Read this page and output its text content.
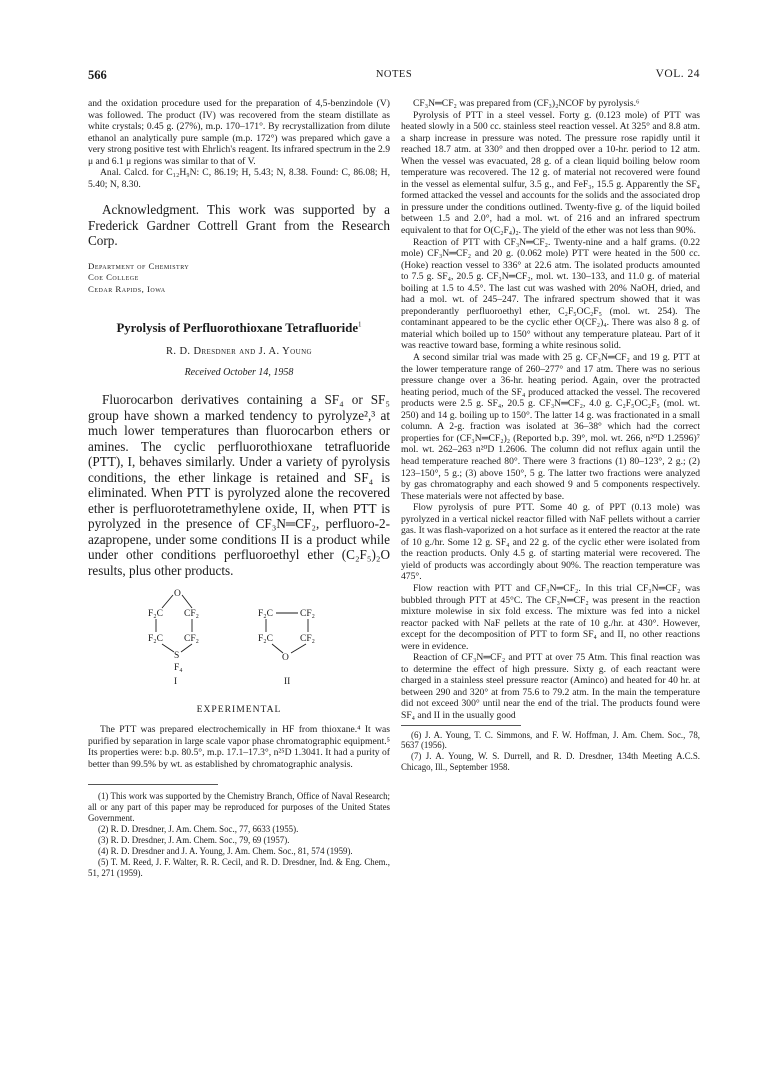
566	NOTES	VOL. 24

and the oxidation procedure used for the preparation of 4,5-benzindole (V) was followed. The product (IV) was recovered from the steam distillate as white crystals; 0.45 g. (27%), m.p. 170–171°. By recrystallization from dilute ethanol an analytically pure sample (m.p. 172°) was prepared which gave a very strong positive test with Ehrlich's reagent. Its infrared spectrum in the 2.9 μ and 6.1 μ regions was similar to that of V.

Anal. Calcd. for C₁₂H₉N: C, 86.19; H, 5.43; N, 8.38. Found: C, 86.08; H, 5.40; N, 8.30.

Acknowledgment. This work was supported by a Frederick Gardner Cottrell Grant from the Research Corp.

Department of Chemistry
Coe College
Cedar Rapids, Iowa
Pyrolysis of Perfluorothioxane Tetrafluoride$^1$
R. D. Dresdner and J. A. Young
Received October 14, 1958

Fluorocarbon derivatives containing a SF₄ or SF₅ group have shown a marked tendency to pyrolyze²,³ at much lower temperatures than fluorocarbon ethers or amines. The cyclic perfluorothioxane tetrafluoride (PTT), I, behaves similarly. Under a variety of pyrolysis conditions, the ether linkage is retained and SF₄ is eliminated. When PTT is pyrolyzed alone the recovered ether is perfluorotetramethylene oxide, II, when PTT is pyrolyzed in the presence of CF₃N═CF₂, perfluoro-2-azapropene, under some conditions II is a product while under other conditions perfluoroethyl ether (C₂F₅)₂O results, plus other products.

O
F₂C CF₂
F₂C CF₂
S
F₄
I
F₂C	CF₂
F₂C	CF₂
O
II
EXPERIMENTAL

The PTT was prepared electrochemically in HF from thioxane.⁴ It was purified by separation in large scale vapor phase chromatographic equipment.⁵ Its properties were: b.p. 80.5°, m.p. 17.1–17.3°, n²⁵D 1.3041. It had a purity of better than 99.5% by wt. as established by chromatographic analysis.

(1) This work was supported by the Chemistry Branch, Office of Naval Research; all or any part of this paper may be reproduced for purposes of the United States Government.

(2) R. D. Dresdner, J. Am. Chem. Soc., 77, 6633 (1955).

(3) R. D. Dresdner, J. Am. Chem. Soc., 79, 69 (1957).

(4) R. D. Dresdner and J. A. Young, J. Am. Chem. Soc., 81, 574 (1959).

(5) T. M. Reed, J. F. Walter, R. R. Cecil, and R. D. Dresdner, Ind. & Eng. Chem., 51, 271 (1959).

CF₃N═CF₂ was prepared from (CF₃)₂NCOF by pyrolysis.⁶

Pyrolysis of PTT in a steel vessel. Forty g. (0.123 mole) of PTT was heated slowly in a 500 cc. stainless steel reaction vessel. At 325° and 8.8 atm. a sharp increase in pressure was noted. The pressure rose rapidly until it reached 18.7 atm. at 330° and then dropped over a 10-hr. period to 12 atm. When the vessel was evacuated, 28 g. of a clean liquid boiling below room temperature was recovered. The 12 g. of material not recovered were found in the vessel as elemental sulfur, 3.5 g., and FeF₃, 15.5 g. Apparently the SF₄ formed attacked the vessel and accounts for the solids and the associated drop in pressure under the conditions outlined. Twenty-five g. of the liquid boiled between 1.5 and 2.0°, had a mol. wt. of 216 and an infrared spectrum equivalent to that for O(C₂F₄)₂. The yield of the ether was not less than 90%.

Reaction of PTT with CF₃N═CF₂. Twenty-nine and a half grams. (0.22 mole) CF₃N═CF₂ and 20 g. (0.062 mole) PTT were heated in the 500 cc. (Hoke) reaction vessel to 336° at 22.6 atm. The isolated products amounted to 7.5 g. SF₄, 20.5 g. CF₃N═CF₂, mol. wt. 130–133, and 11.0 g. of material boiling at 1.5 to 4.5°. The last cut was washed with 20% NaOH, dried, and had a mol. wt. of 245–247. The infrared spectrum showed that it was preponderantly perfluoroethyl ether, C₂F₅OC₂F₅ (mol. wt. 254). The contaminant appeared to be the cyclic ether O(CF₂)₄. There was also 8 g. of material which boiled up to 150° without any temperature plateau. Part of it was reactive toward base, forming a white resinous solid.

A second similar trial was made with 25 g. CF₃N═CF₂ and 19 g. PTT at the lower temperature range of 260–277° and 17 atm. There was no serious pressure change over a 36-hr. heating period. Again, over the protracted heating period, much of the SF₄ produced attacked the vessel. The recovered products were 2.5 g. SF₄, 20.5 g. CF₃N═CF₂, 4.0 g. C₂F₅OC₂F₅ (mol. wt. 250) and 14 g. boiling up to 150°. The latter 14 g. was fractionated in a small column. A 2-g. fraction was isolated at 36–38° which had the correct properties for (CF₃N═CF₂)₂ (Reported b.p. 39°, mol. wt. 266, n²⁰D 1.2596)⁷ mol. wt. 262–263 n²⁰D 1.2606. The column did not reflux again until the head temperature reached 80°. There were 3 fractions (1) 80–123°, 2 g.; (2) 123–150°, 5 g.; (3) above 150°, 5 g. The latter two fractions were analyzed by gas chromatography and each showed 9 and 5 components respectively. These materials were not affected by base.

Flow pyrolysis of pure PTT. Some 40 g. of PPT (0.13 mole) was pyrolyzed in a vertical nickel reactor filled with NaF pellets without a carrier gas. It was flash-vaporized on a hot surface as it entered the reactor at the rate of 10 g./hr. Some 12 g. SF₄ and 22 g. of the cyclic ether were isolated from the reaction products. Only 4.5 g. of starting material were recovered. The yield of products was accordingly about 90%. The reaction temperature was 475°.

Flow reaction with PTT and CF₃N═CF₂. In this trial CF₃N═CF₂ was bubbled through PTT at 45°C. The CF₃N═CF₂ was present in the reaction mixture molewise in six fold excess. The mixture was fed into a nickel reactor packed with NaF pellets at the rate of 10 g./hr. at 430°. However, except for the decomposition of PTT to form SF₄ and II, no other reactions were in evidence.

Reaction of CF₃N═CF₂ and PTT at over 75 Atm. This final reaction was to determine the effect of high pressure. Sixty g. of each reactant were charged in a stainless steel pressure reactor (Aminco) and heated for 40 hr. at between 290 and 320° at from 75.6 to 79.2 atm. In the main the temperature did not exceed 300° until near the end of the trial. The products found were SF₄ and II in the usually good

(6) J. A. Young, T. C. Simmons, and F. W. Hoffman, J. Am. Chem. Soc., 78, 5637 (1956).

(7) J. A. Young, W. S. Durrell, and R. D. Dresdner, 134th Meeting A.C.S. Chicago, Ill., September 1958.
